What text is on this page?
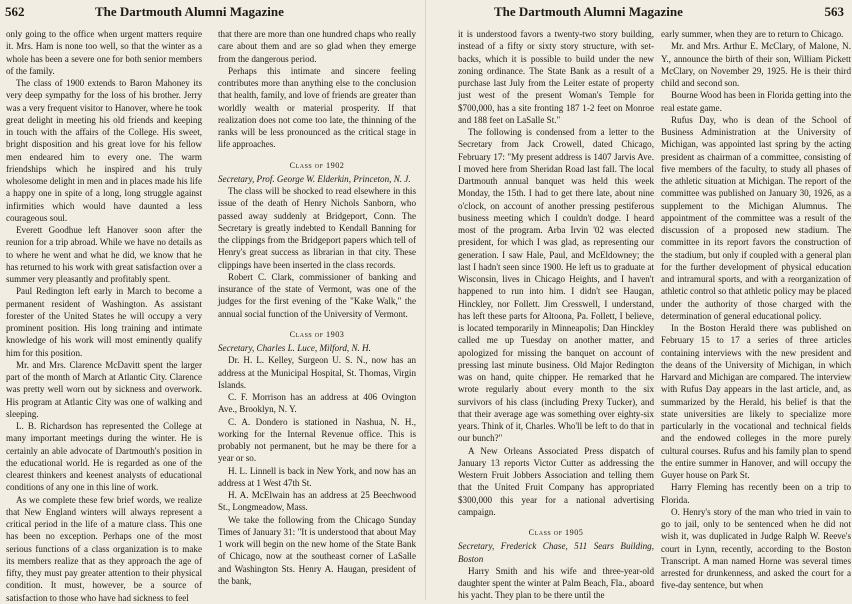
562	The Dartmouth Alumni Magazine

only going to the office when urgent matters require it. Mrs. Ham is none too well, so that the winter as a whole has been a severe one for both senior members of the family.

The class of 1900 extends to Baron Mahoney its very deep sympathy for the loss of his brother. Jerry was a very frequent visitor to Hanover, where he took great delight in meeting his old friends and keeping in touch with the affairs of the College. His sweet, bright disposition and his great love for his fellow men endeared him to every one. The warm friendships which he inspired and his truly wholesome delight in men and in places made his life a happy one in spite of a long, long struggle against infirmities which would have daunted a less courageous soul.

Everett Goodhue left Hanover soon after the reunion for a trip abroad. While we have no details as to where he went and what he did, we know that he has returned to his work with great satisfaction over a summer very pleasantly and profitably spent.

Paul Redington left early in March to become a permanent resident of Washington. As assistant forester of the United States he will occupy a very prominent position. His long training and intimate knowledge of his work will most eminently qualify him for this position.

Mr. and Mrs. Clarence McDavitt spent the larger part of the month of March at Atlantic City. Clarence was pretty well worn out by sickness and overwork. His program at Atlantic City was one of walking and sleeping.

L. B. Richardson has represented the College at many important meetings during the winter. He is certainly an able advocate of Dartmouth's position in the educational world. He is regarded as one of the clearest thinkers and keenest analysts of educational conditions of any one in this line of work.

As we complete these few brief words, we realize that New England winters will always represent a critical period in the life of a mature class. This one has been no exception. Perhaps one of the most serious functions of a class organization is to make its members realize that as they approach the age of fifty, they must pay greater attention to their physical condition. It must, however, be a source of satisfaction to those who have had sickness to feel

that there are more than one hundred chaps who really care about them and are so glad when they emerge from the dangerous period.

Perhaps this intimate and sincere feeling contributes more than anything else to the conclusion that health, family, and love of friends are greater than worldly wealth or material prosperity. If that realization does not come too late, the thinning of the ranks will be less pronounced as the critical stage in life approaches.

Class of 1902

Secretary, Prof. George W. Elderkin, Princeton, N. J.

The class will be shocked to read elsewhere in this issue of the death of Henry Nichols Sanborn, who passed away suddenly at Bridgeport, Conn. The Secretary is greatly indebted to Kendall Banning for the clippings from the Bridgeport papers which tell of Henry's great success as librarian in that city. These clippings have been inserted in the class records.

Robert C. Clark, commissioner of banking and insurance of the state of Vermont, was one of the judges for the first evening of the "Kake Walk," the annual social function of the University of Vermont.

Class of 1903

Secretary, Charles L. Luce, Milford, N. H.

Dr. H. L. Kelley, Surgeon U. S. N., now has an address at the Municipal Hospital, St. Thomas, Virgin Islands.

C. F. Morrison has an address at 406 Ovington Ave., Brooklyn, N. Y.

C. A. Dondero is stationed in Nashua, N. H., working for the Internal Revenue office. This is probably not permanent, but he may be there for a year or so.

H. L. Linnell is back in New York, and now has an address at 1 West 47th St.

H. A. McElwain has an address at 25 Beechwood St., Longmeadow, Mass.

We take the following from the Chicago Sunday Times of January 31: "It is understood that about May 1 work will begin on the new home of the State Bank of Chicago, now at the southeast corner of LaSalle and Washington Sts. Henry A. Haugan, president of the bank,

The Dartmouth Alumni Magazine	563

it is understood favors a twenty-two story building, instead of a fifty or sixty story structure, with set-backs, which it is possible to build under the new zoning ordinance. The State Bank as a result of a purchase last July from the Leiter estate of property just west of the present Woman's Temple for $700,000, has a site fronting 187 1-2 feet on Monroe and 188 feet on LaSalle St."

The following is condensed from a letter to the Secretary from Jack Crowell, dated Chicago, February 17: "My present address is 1407 Jarvis Ave. I moved here from Sheridan Road last fall. The local Dartmouth annual banquet was held this week Monday, the 15th. I had to get there late, about nine o'clock, on account of another pressing pestiferous business meeting which I couldn't dodge. I heard most of the program. Arba Irvin '02 was elected president, for which I was glad, as representing our generation. I saw Hale, Paul, and McEldowney; the last I hadn't seen since 1900. He left us to graduate at Wisconsin, lives in Chicago Heights, and I haven't happened to run into him. I didn't see Haugan, Hinckley, nor Follett. Jim Cresswell, I understand, has left these parts for Altoona, Pa. Follett, I believe, is located temporarily in Minneapolis; Dan Hinckley called me up Tuesday on another matter, and apologized for missing the banquet on account of pressing last minute business. Old Major Redington was on hand, quite chipper. He remarked that he wrote regularly about every month to the six survivors of his class (including Prexy Tucker), and that their average age was something over eighty-six years. Think of it, Charles. Who'll be left to do that in our bunch?"

A New Orleans Associated Press dispatch of January 13 reports Victor Cutter as addressing the Western Fruit Jobbers Association and telling them that the United Fruit Company has appropriated $300,000 this year for a national advertising campaign.

Class of 1905

Secretary, Frederick Chase, 511 Sears Building, Boston

Harry Smith and his wife and three-year-old daughter spent the winter at Palm Beach, Fla., aboard his yacht. They plan to be there until the

early summer, when they are to return to Chicago.

Mr. and Mrs. Arthur E. McClary, of Malone, N. Y., announce the birth of their son, William Pickett McClary, on November 29, 1925. He is their third child and second son.

Bourne Wood has been in Florida getting into the real estate game.

Rufus Day, who is dean of the School of Business Administration at the University of Michigan, was appointed last spring by the acting president as chairman of a committee, consisting of five members of the faculty, to study all phases of the athletic situation at Michigan. The report of the committee was published on January 30, 1926, as a supplement to the Michigan Alumnus. The appointment of the committee was a result of the discussion of a proposed new stadium. The committee in its report favors the construction of the stadium, but only if coupled with a general plan for the further development of physical education and intramural sports, and with a reorganization of athletic control so that athletic policy may be placed under the authority of those charged with the determination of general educational policy.

In the Boston Herald there was published on February 15 to 17 a series of three articles containing interviews with the new president and the deans of the University of Michigan, in which Harvard and Michigan are compared. The interview with Rufus Day appears in the last article, and, as summarized by the Herald, his belief is that the state universities are likely to specialize more particularly in the vocational and technical fields and the endowed colleges in the more purely cultural courses. Rufus and his family plan to spend the entire summer in Hanover, and will occupy the Guyer house on Park St.

Harry Fleming has recently been on a trip to Florida.

O. Henry's story of the man who tried in vain to go to jail, only to be sentenced when he did not wish it, was duplicated in Judge Ralph W. Reeve's court in Lynn, recently, according to the Boston Transcript. A man named Horne was several times arrested for drunkenness, and asked the court for a five-day sentence, but when
